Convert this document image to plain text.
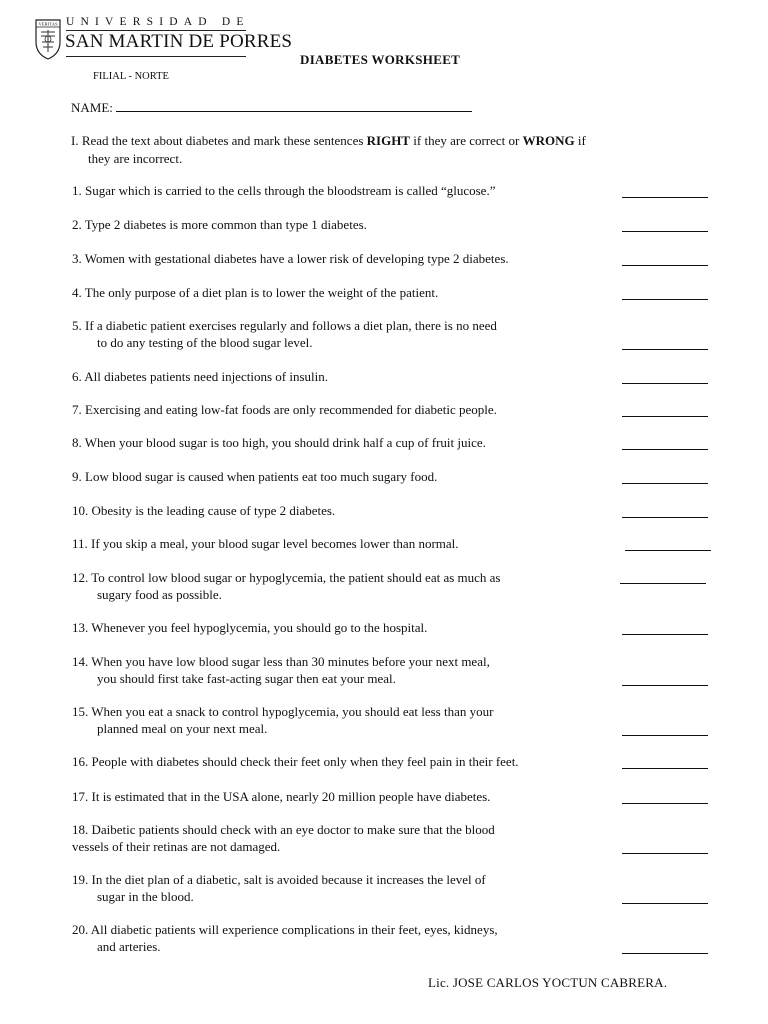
VERITAS UNIVERSIDAD DE
SAN MARTIN DE PORRES
FILIAL - NORTE
DIABETES WORKSHEET
NAME:
I. Read the text about diabetes and mark these sentences RIGHT if they are correct or WRONG if
they are incorrect.
1. Sugar which is carried to the cells through the bloodstream is called “glucose.”
2. Type 2 diabetes is more common than type 1 diabetes.
3. Women with gestational diabetes have a lower risk of developing type 2 diabetes.
4. The only purpose of a diet plan is to lower the weight of the patient.
5. If a diabetic patient exercises regularly and follows a diet plan, there is no need
to do any testing of the blood sugar level.
6. All diabetes patients need injections of insulin.
7. Exercising and eating low-fat foods are only recommended for diabetic people.
8. When your blood sugar is too high, you should drink half a cup of fruit juice.
9. Low blood sugar is caused when patients eat too much sugary food.
10. Obesity is the leading cause of type 2 diabetes.
11. If you skip a meal, your blood sugar level becomes lower than normal.
12. To control low blood sugar or hypoglycemia, the patient should eat as much as
sugary food as possible.
13. Whenever you feel hypoglycemia, you should go to the hospital.
14. When you have low blood sugar less than 30 minutes before your next meal,
you should first take fast-acting sugar then eat your meal.
15. When you eat a snack to control hypoglycemia, you should eat less than your
planned meal on your next meal.
16. People with diabetes should check their feet only when they feel pain in their feet.
17. It is estimated that in the USA alone, nearly 20 million people have diabetes.
18. Daibetic patients should check with an eye doctor to make sure that the blood
vessels of their retinas are not damaged.
19. In the diet plan of a diabetic, salt is avoided because it increases the level of
sugar in the blood.
20. All diabetic patients will experience complications in their feet, eyes, kidneys,
and arteries.
Lic. JOSE CARLOS YOCTUN CABRERA.
